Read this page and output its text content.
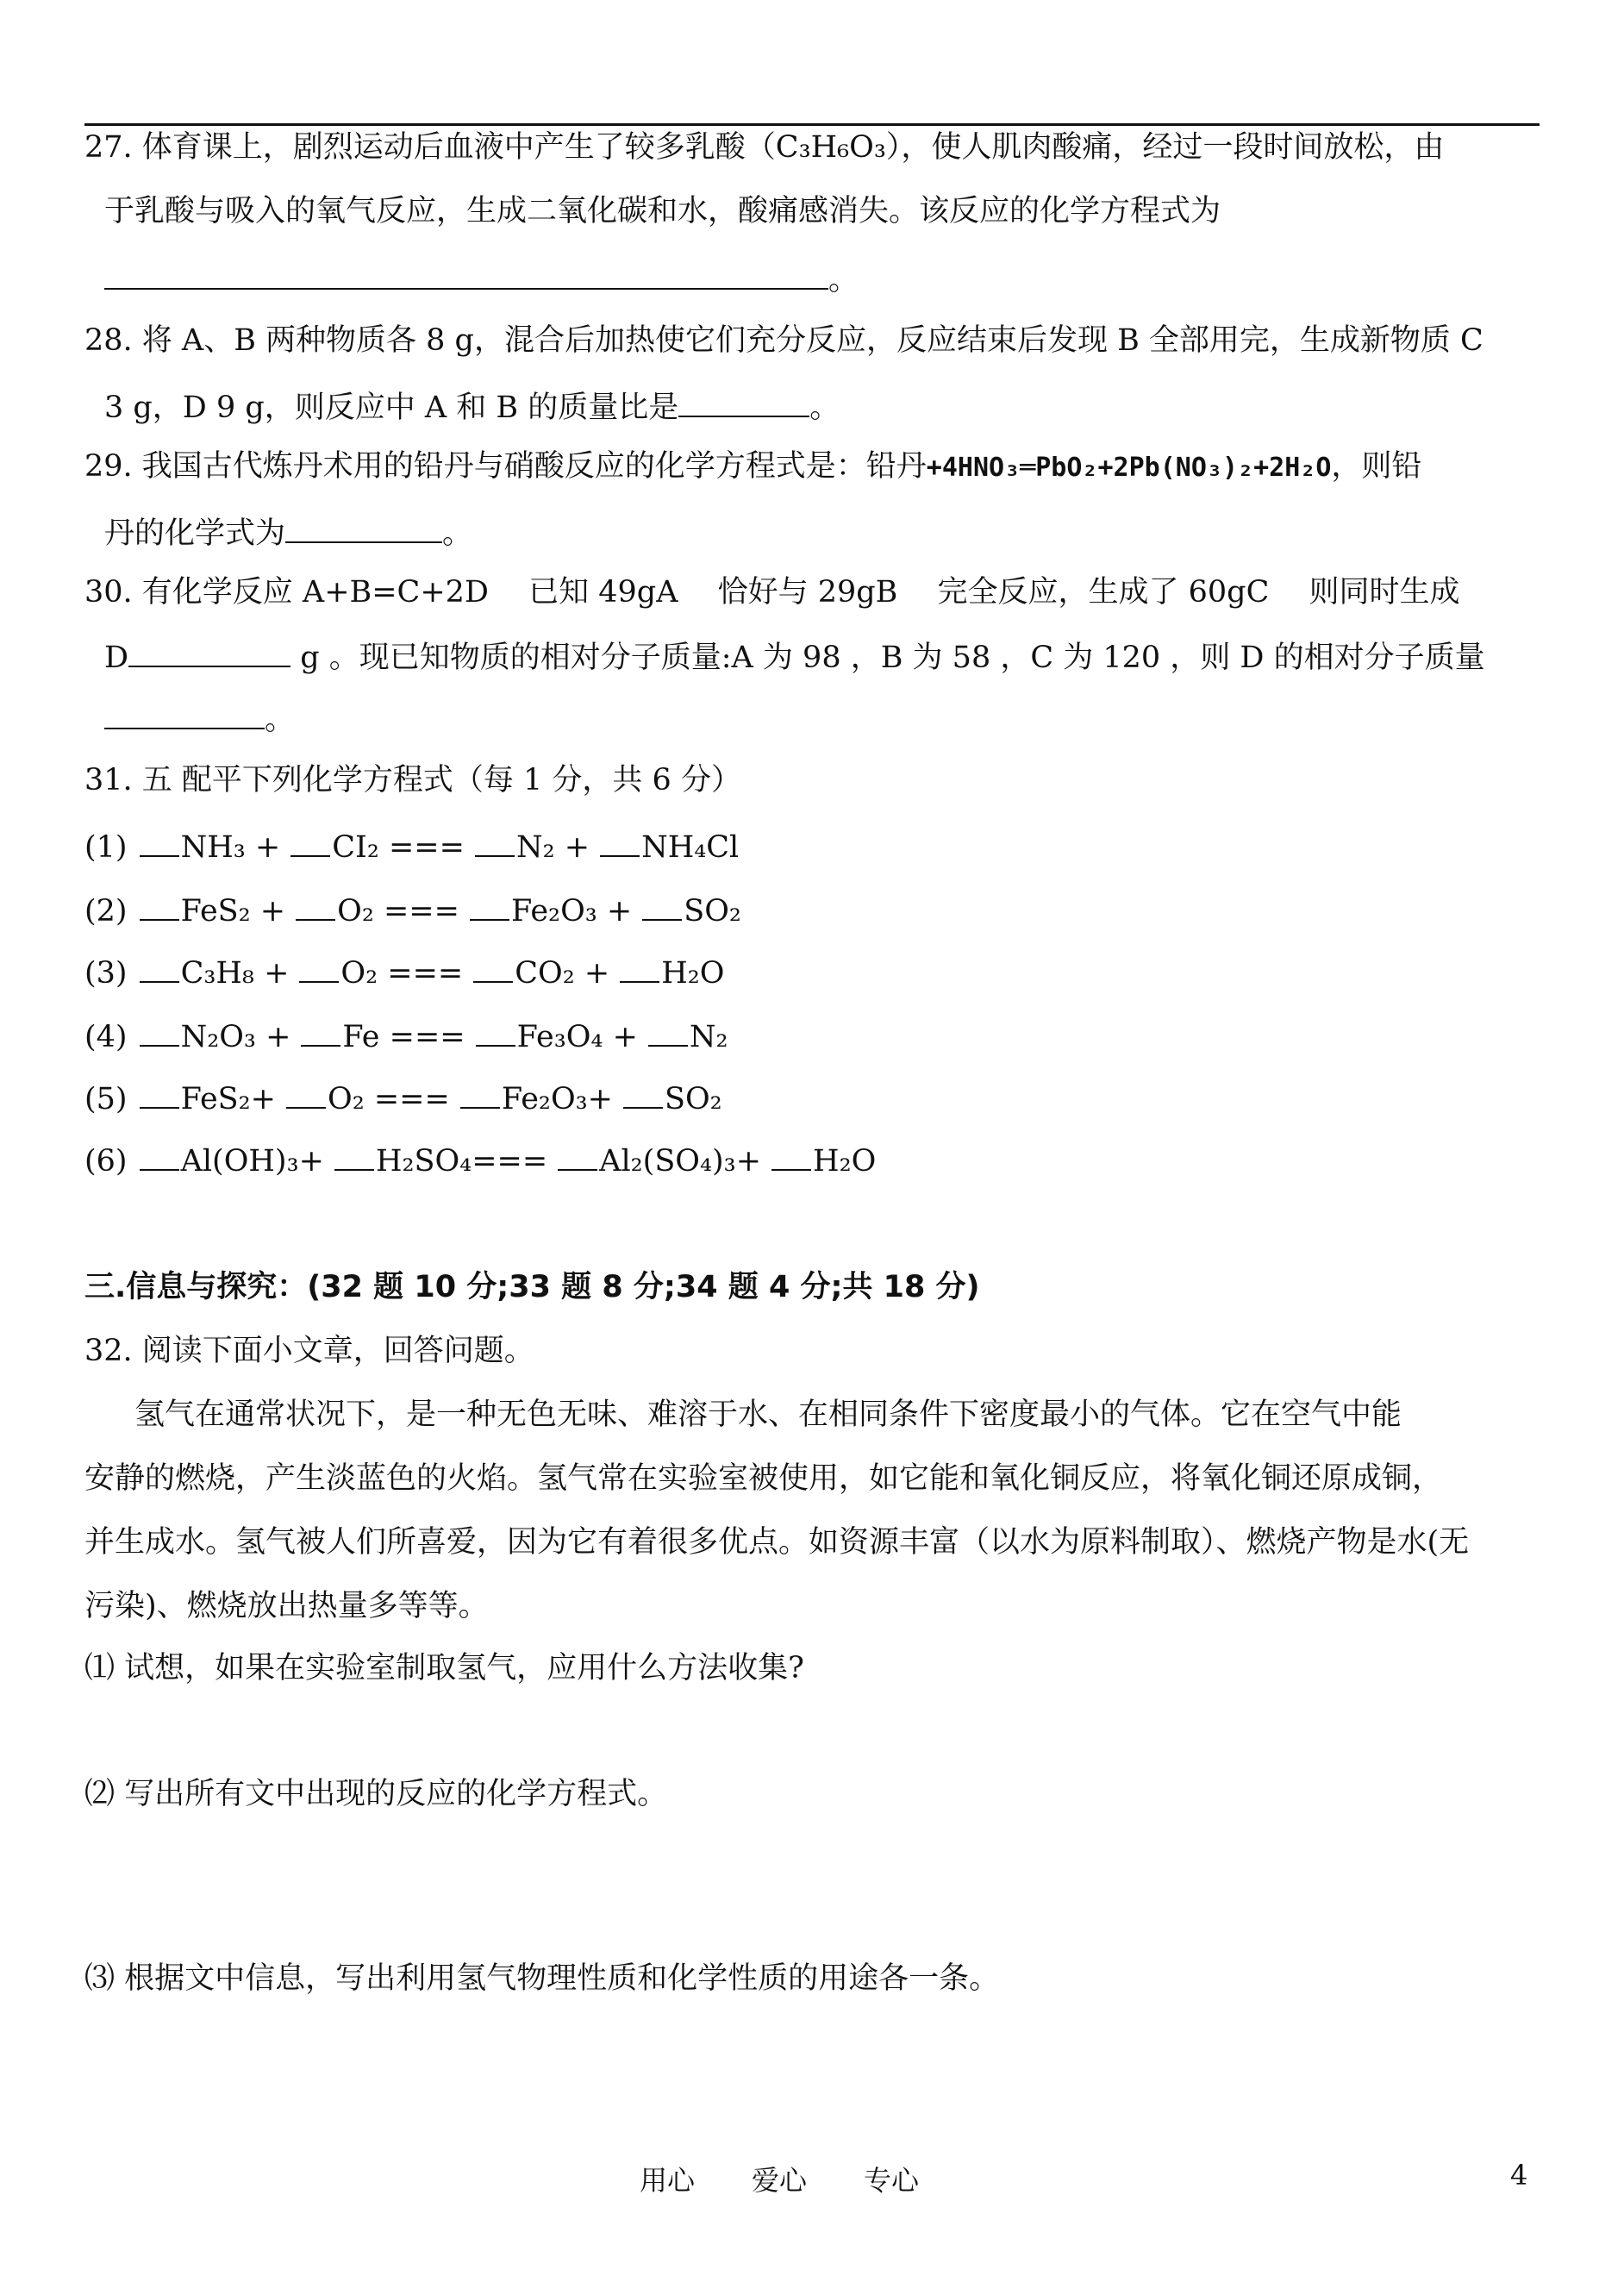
27. 体育课上，剧烈运动后血液中产生了较多乳酸（C₃H₆O₃），使人肌肉酸痛，经过一段时间放松，由
于乳酸与吸入的氧气反应，生成二氧化碳和水，酸痛感消失。该反应的化学方程式为
。
28. 将 A、B 两种物质各 8 g，混合后加热使它们充分反应，反应结束后发现 B 全部用完，生成新物质 C
3 g，D 9 g，则反应中 A 和 B 的质量比是	。
29. 我国古代炼丹术用的铅丹与硝酸反应的化学方程式是：铅丹+4HNO₃═PbO₂+2Pb(NO₃)₂+2H₂O，则铅
丹的化学式为	。
30. 有化学反应 A+B=C+2D　 已知 49gA　 恰好与 29gB　 完全反应，生成了 60gC　 则同时生成
D	g 。现已知物质的相对分子质量:A 为 98 ，B 为 58 ，C 为 120 ，则 D 的相对分子质量
。
31. 五 配平下列化学方程式（每 1 分，共 6 分）
(1) NH₃ + CI₂ === N₂ + NH₄Cl
(2) FeS₂ + O₂ === Fe₂O₃ + SO₂
(3) C₃H₈ + O₂ === CO₂ + H₂O
(4) N₂O₃ + Fe === Fe₃O₄ + N₂
(5) FeS₂+ O₂ === Fe₂O₃+ SO₂
(6) Al(OH)₃+ H₂SO₄=== Al₂(SO₄)₃+ H₂O
三.信息与探究：(32 题 10 分;33 题 8 分;34 题 4 分;共 18 分)
32. 阅读下面小文章，回答问题。
氢气在通常状况下，是一种无色无味、难溶于水、在相同条件下密度最小的气体。它在空气中能
安静的燃烧，产生淡蓝色的火焰。氢气常在实验室被使用，如它能和氧化铜反应，将氧化铜还原成铜，
并生成水。氢气被人们所喜爱，因为它有着很多优点。如资源丰富（以水为原料制取）、燃烧产物是水(无
污染)、燃烧放出热量多等等。
⑴ 试想，如果在实验室制取氢气，应用什么方法收集?
⑵ 写出所有文中出现的反应的化学方程式。
⑶ 根据文中信息，写出利用氢气物理性质和化学性质的用途各一条。
用心 爱心 专心	4
